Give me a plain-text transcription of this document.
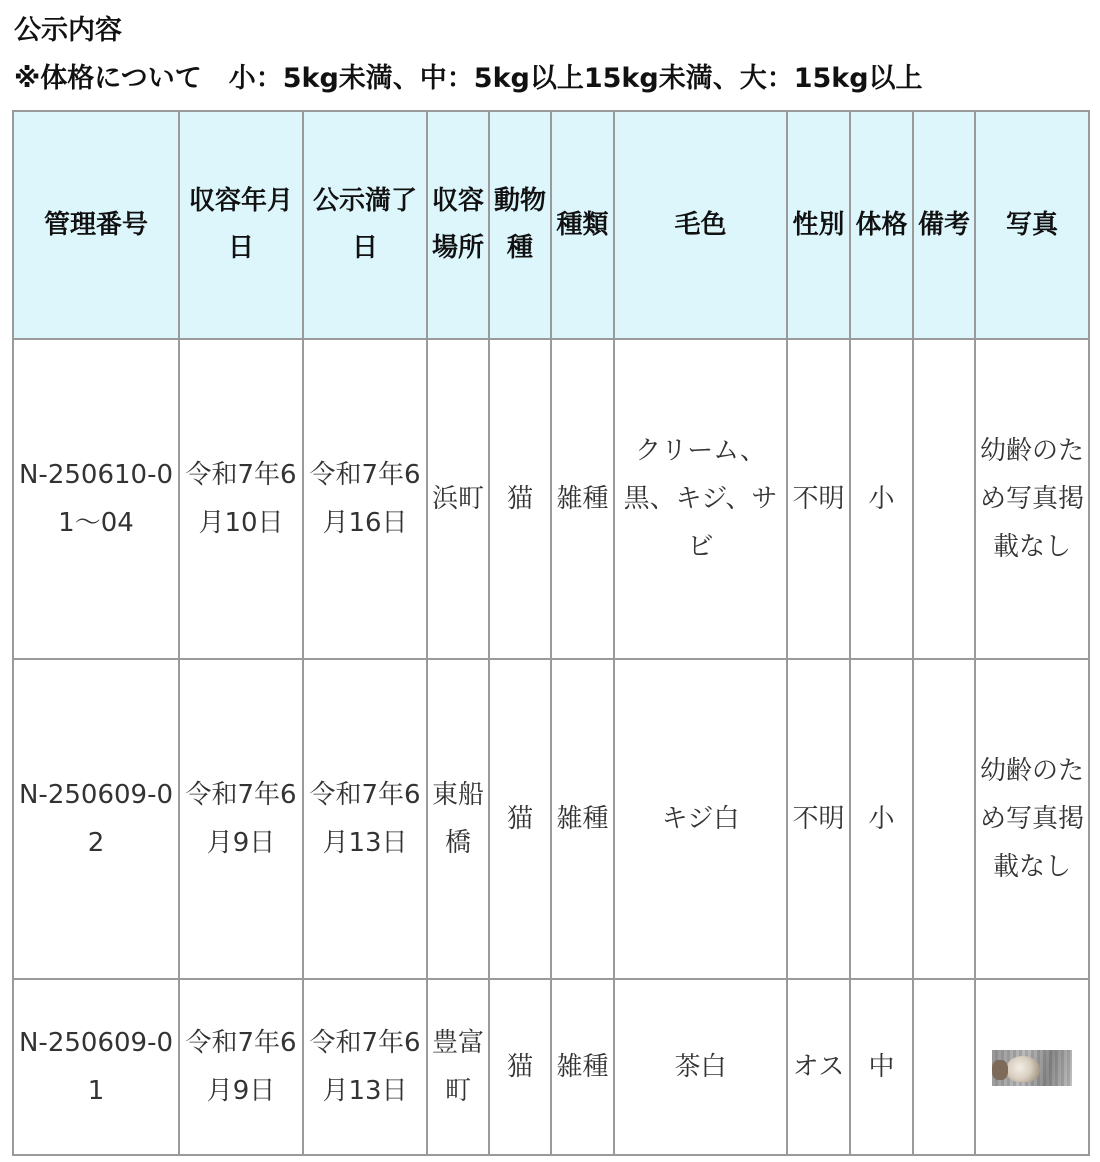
公示内容
※体格について　小：5kg未満、中：5kg以上15kg未満、大：15kg以上
管理番号	収容年月日	公示満了日	収容場所	動物種	種類	毛色	性別	体格	備考	写真
N-250610-01～04	令和7年6月10日	令和7年6月16日	浜町	猫	雑種	クリーム、黒、キジ、サビ	不明	小		幼齢のため写真掲載なし
N-250609-02	令和7年6月9日	令和7年6月13日	東船橋	猫	雑種	キジ白	不明	小		幼齢のため写真掲載なし
N-250609-01	令和7年6月9日	令和7年6月13日	豊富町	猫	雑種	茶白	オス	中		
